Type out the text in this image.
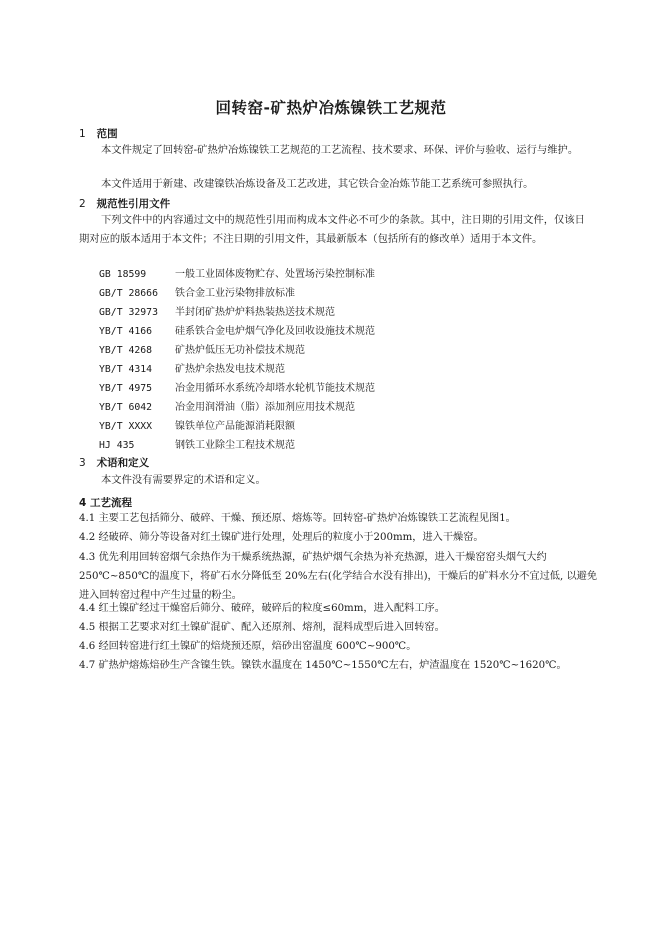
回转窑-矿热炉冶炼镍铁工艺规范
1 范围
本文件规定了回转窑-矿热炉冶炼镍铁工艺规范的工艺流程、技术要求、环保、评价与验收、运行与维护。
本文件适用于新建、改建镍铁冶炼设备及工艺改进，其它铁合金冶炼节能工艺系统可参照执行。
2 规范性引用文件
下列文件中的内容通过文中的规范性引用而构成本文件必不可少的条款。其中，注日期的引用文件，仅该日期对应的版本适用于本文件；不注日期的引用文件，其最新版本（包括所有的修改单）适用于本文件。
GB 18599	一般工业固体废物贮存、处置场污染控制标准
GB/T 28666 铁合金工业污染物排放标准
GB/T 32973 半封闭矿热炉炉料热装热送技术规范
YB/T 4166 硅系铁合金电炉烟气净化及回收设施技术规范
YB/T 4268 矿热炉低压无功补偿技术规范
YB/T 4314 矿热炉余热发电技术规范
YB/T 4975 冶金用循环水系统冷却塔水轮机节能技术规范
YB/T 6042 冶金用润滑油（脂）添加剂应用技术规范
YB/T XXXX 镍铁单位产品能源消耗限额
HJ 435	钢铁工业除尘工程技术规范
3 术语和定义
本文件没有需要界定的术语和定义。
4 工艺流程
4.1 主要工艺包括筛分、破碎、干燥、预还原、熔炼等。回转窑-矿热炉冶炼镍铁工艺流程见图1。
4.2 经破碎、筛分等设备对红土镍矿进行处理，处理后的粒度小于200mm，进入干燥窑。
4.3 优先利用回转窑烟气余热作为干燥系统热源，矿热炉烟气余热为补充热源，进入干燥窑窑头烟气大约250℃~850℃的温度下，将矿石水分降低至 20%左右(化学结合水没有排出)，干燥后的矿料水分不宜过低, 以避免进入回转窑过程中产生过量的粉尘。
4.4 红土镍矿经过干燥窑后筛分、破碎，破碎后的粒度≤60mm，进入配料工序。
4.5 根据工艺要求对红土镍矿混矿、配入还原剂、熔剂，混料成型后进入回转窑。
4.6 经回转窑进行红土镍矿的焙烧预还原，焙砂出窑温度 600℃~900℃。
4.7 矿热炉熔炼焙砂生产含镍生铁。镍铁水温度在 1450℃~1550℃左右，炉渣温度在 1520℃~1620℃。
